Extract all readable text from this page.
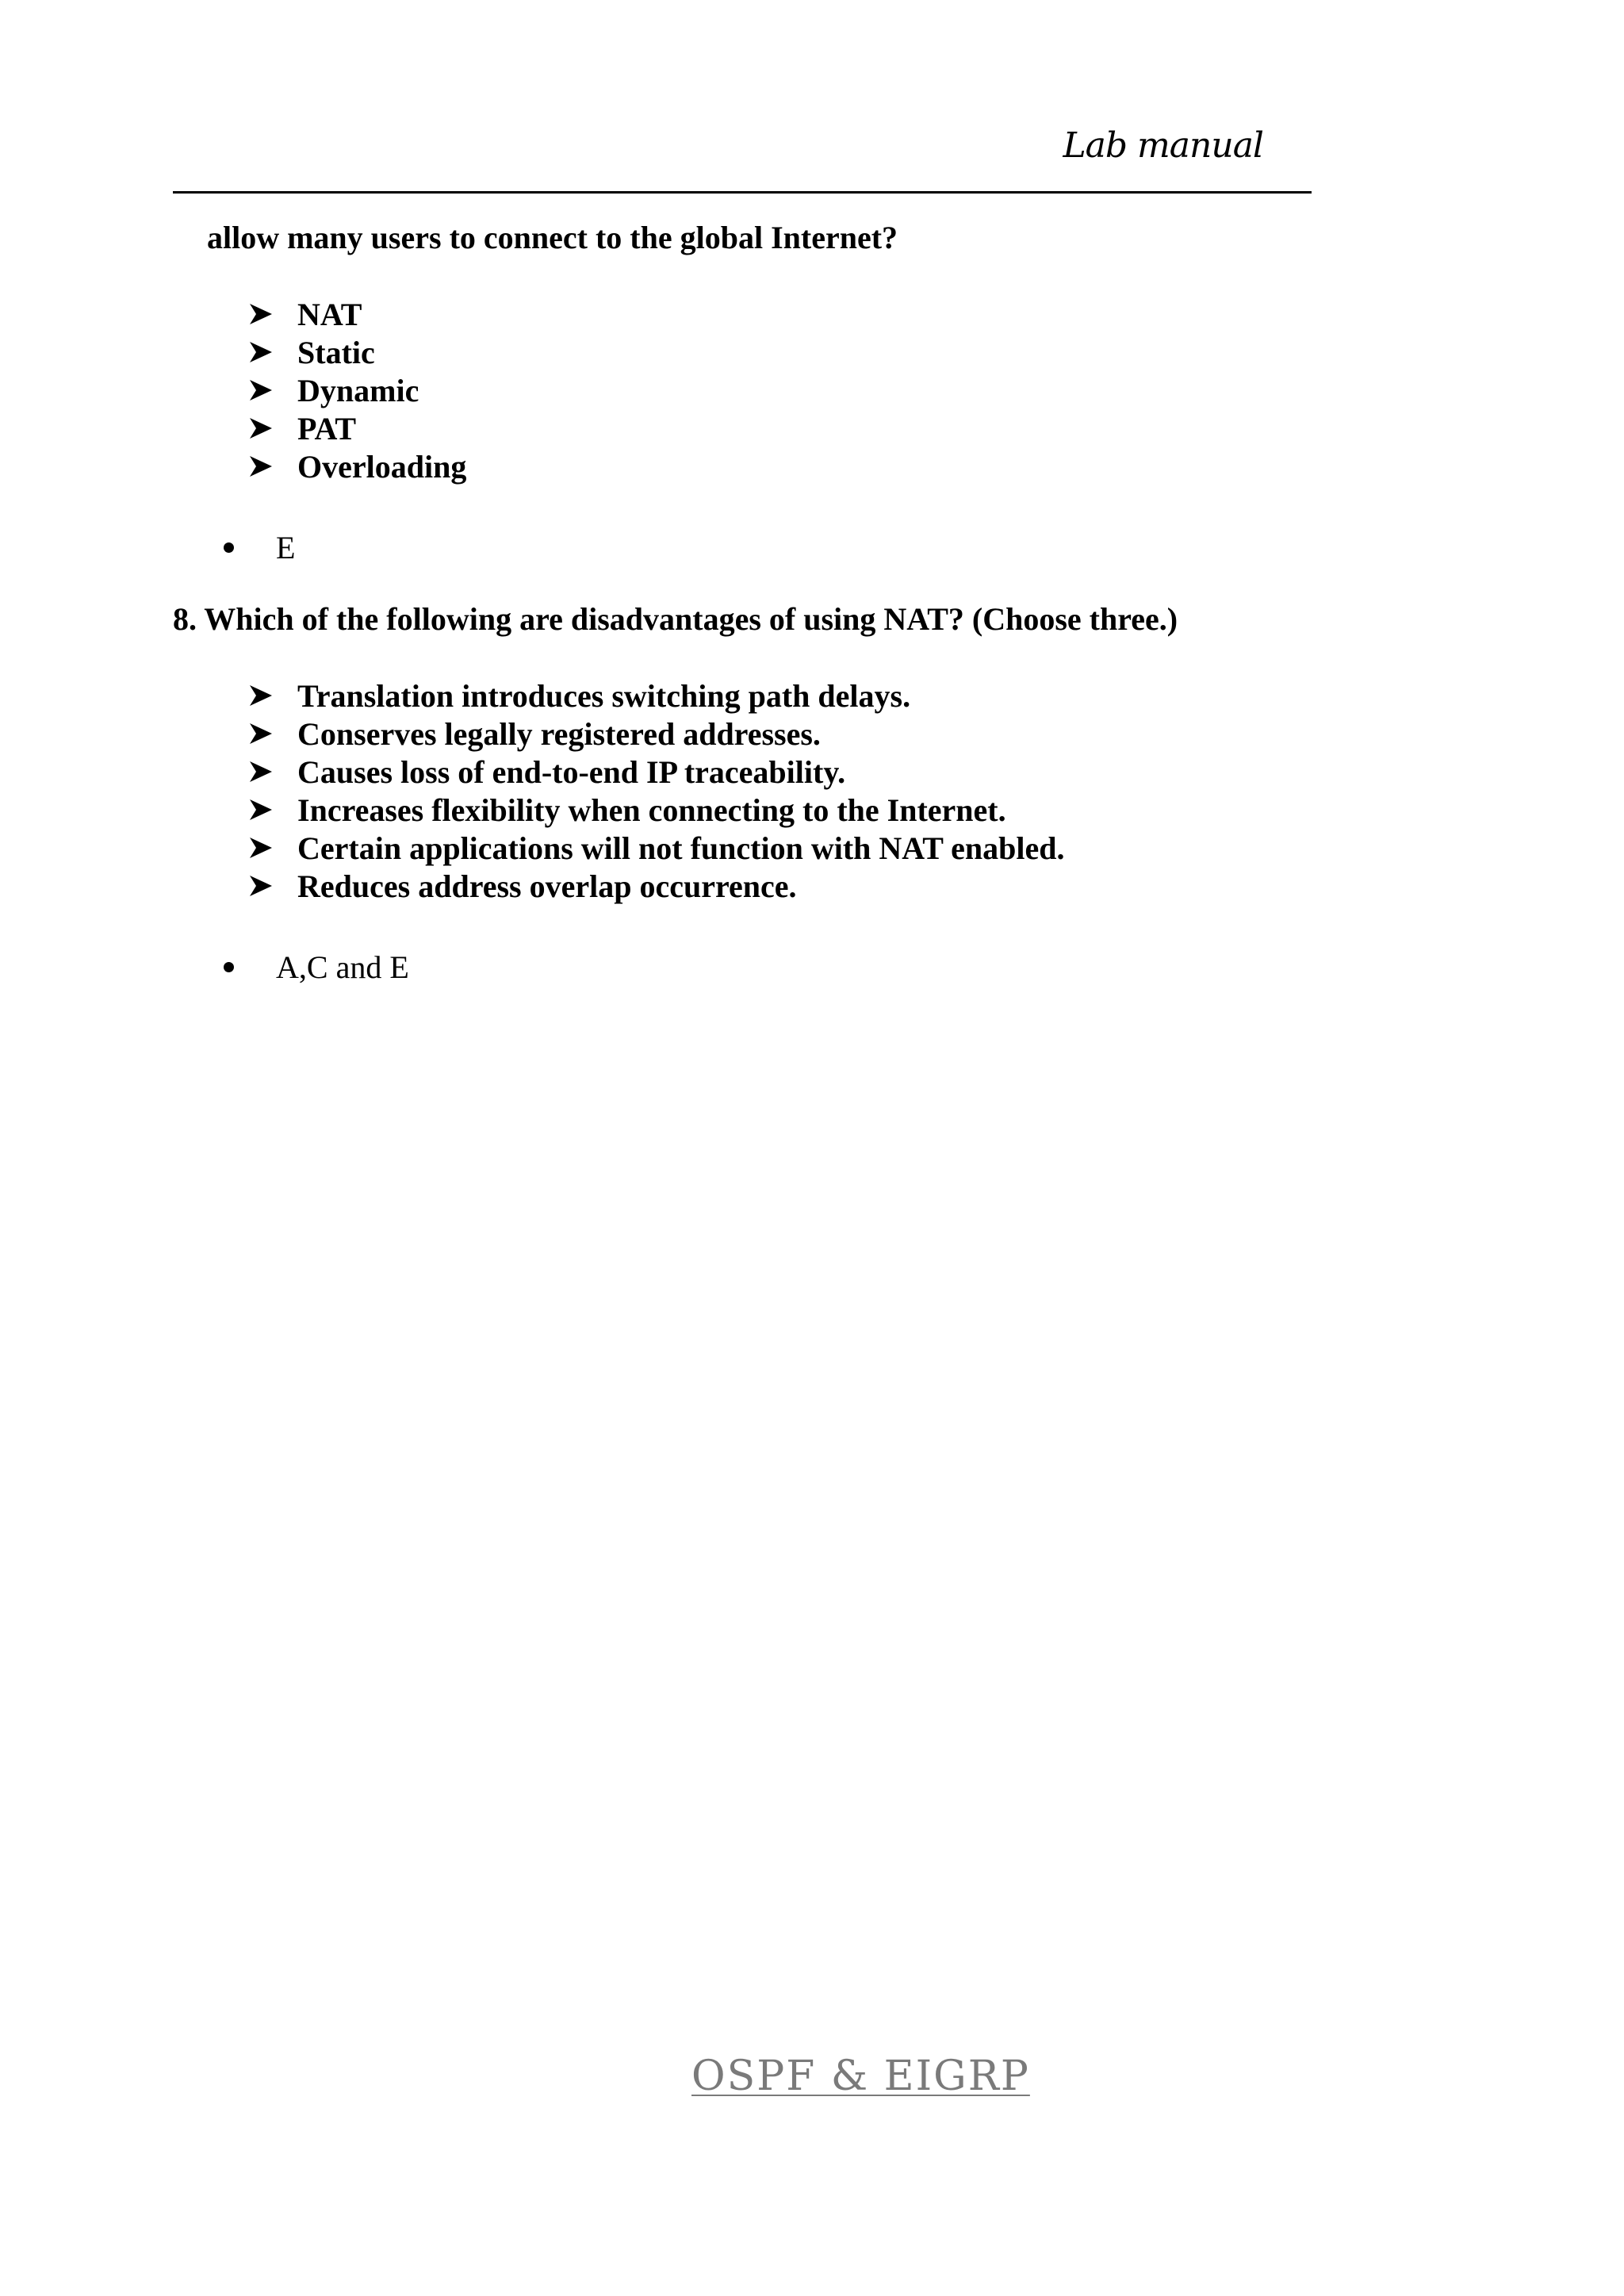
Lab manual
allow many users to connect to the global Internet?
NAT
Static
Dynamic
PAT
Overloading
E
8. Which of the following are disadvantages of using NAT? (Choose three.)
Translation introduces switching path delays.
Conserves legally registered addresses.
Causes loss of end-to-end IP traceability.
Increases flexibility when connecting to the Internet.
Certain applications will not function with NAT enabled.
Reduces address overlap occurrence.
A,C and E
OSPF & EIGRP
